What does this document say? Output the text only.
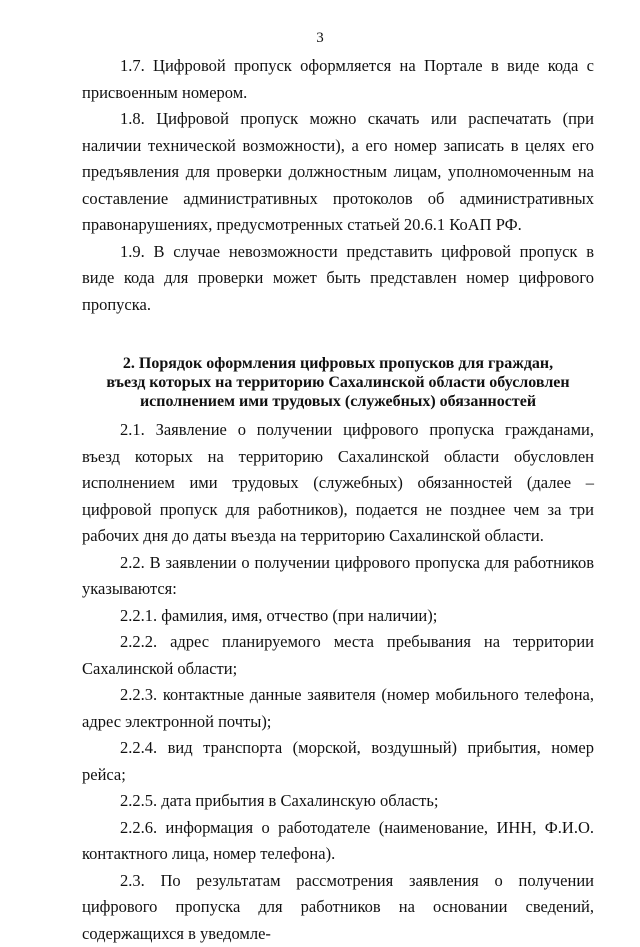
3

1.7. Цифровой пропуск оформляется на Портале в виде кода с присвоенным номером.

1.8. Цифровой пропуск можно скачать или распечатать (при наличии технической возможности), а его номер записать в целях его предъявления для проверки должностным лицам, уполномоченным на составление административных протоколов об административных правонарушениях, предусмотренных статьей 20.6.1 КоАП РФ.

1.9. В случае невозможности представить цифровой пропуск в виде кода для проверки может быть представлен номер цифрового пропуска.

2. Порядок оформления цифровых пропусков для граждан,
въезд которых на территорию Сахалинской области обусловлен
исполнением ими трудовых (служебных) обязанностей

2.1. Заявление о получении цифрового пропуска гражданами, въезд которых на территорию Сахалинской области обусловлен исполнением ими трудовых (служебных) обязанностей (далее – цифровой пропуск для работников), подается не позднее чем за три рабочих дня до даты въезда на территорию Сахалинской области.

2.2. В заявлении о получении цифрового пропуска для работников указываются:

2.2.1. фамилия, имя, отчество (при наличии);

2.2.2. адрес планируемого места пребывания на территории Сахалинской области;

2.2.3. контактные данные заявителя (номер мобильного телефона, адрес электронной почты);

2.2.4. вид транспорта (морской, воздушный) прибытия, номер рейса;

2.2.5. дата прибытия в Сахалинскую область;

2.2.6. информация о работодателе (наименование, ИНН, Ф.И.О. контактного лица, номер телефона).

2.3. По результатам рассмотрения заявления о получении цифрового пропуска для работников на основании сведений, содержащихся в уведомле-
